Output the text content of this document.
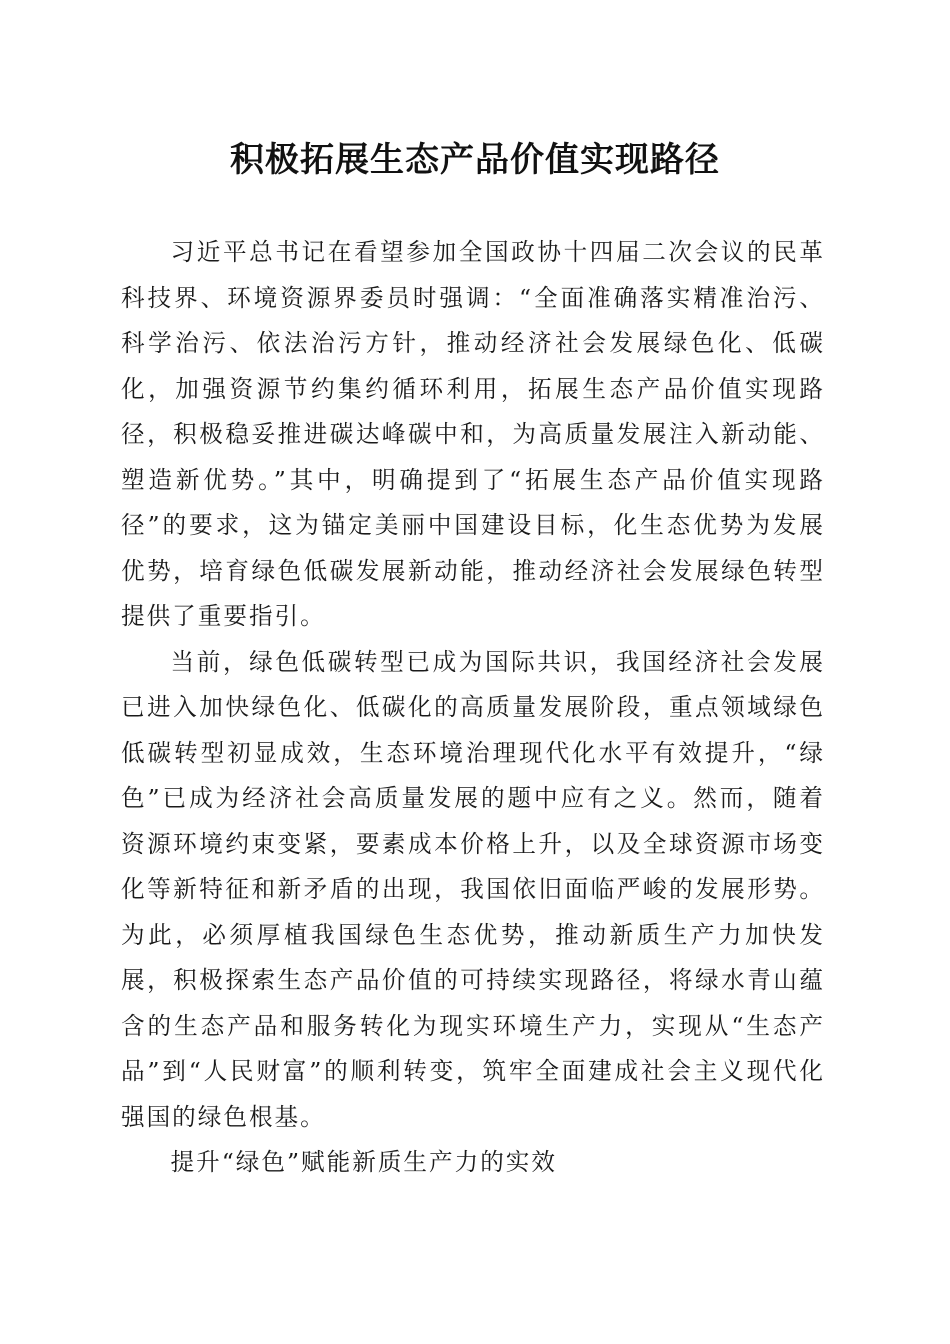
积极拓展生态产品价值实现路径

习近平总书记在看望参加全国政协十四届二次会议的民革科技界、环境资源界委员时强调：“全面准确落实精准治污、科学治污、依法治污方针，推动经济社会发展绿色化、低碳化，加强资源节约集约循环利用，拓展生态产品价值实现路径，积极稳妥推进碳达峰碳中和，为高质量发展注入新动能、塑造新优势。”其中，明确提到了“拓展生态产品价值实现路径”的要求，这为锚定美丽中国建设目标，化生态优势为发展优势，培育绿色低碳发展新动能，推动经济社会发展绿色转型提供了重要指引。

当前，绿色低碳转型已成为国际共识，我国经济社会发展已进入加快绿色化、低碳化的高质量发展阶段，重点领域绿色低碳转型初显成效，生态环境治理现代化水平有效提升，“绿色”已成为经济社会高质量发展的题中应有之义。然而，随着资源环境约束变紧，要素成本价格上升，以及全球资源市场变化等新特征和新矛盾的出现，我国依旧面临严峻的发展形势。为此，必须厚植我国绿色生态优势，推动新质生产力加快发展，积极探索生态产品价值的可持续实现路径，将绿水青山蕴含的生态产品和服务转化为现实环境生产力，实现从“生态产品”到“人民财富”的顺利转变，筑牢全面建成社会主义现代化强国的绿色根基。

提升“绿色”赋能新质生产力的实效
